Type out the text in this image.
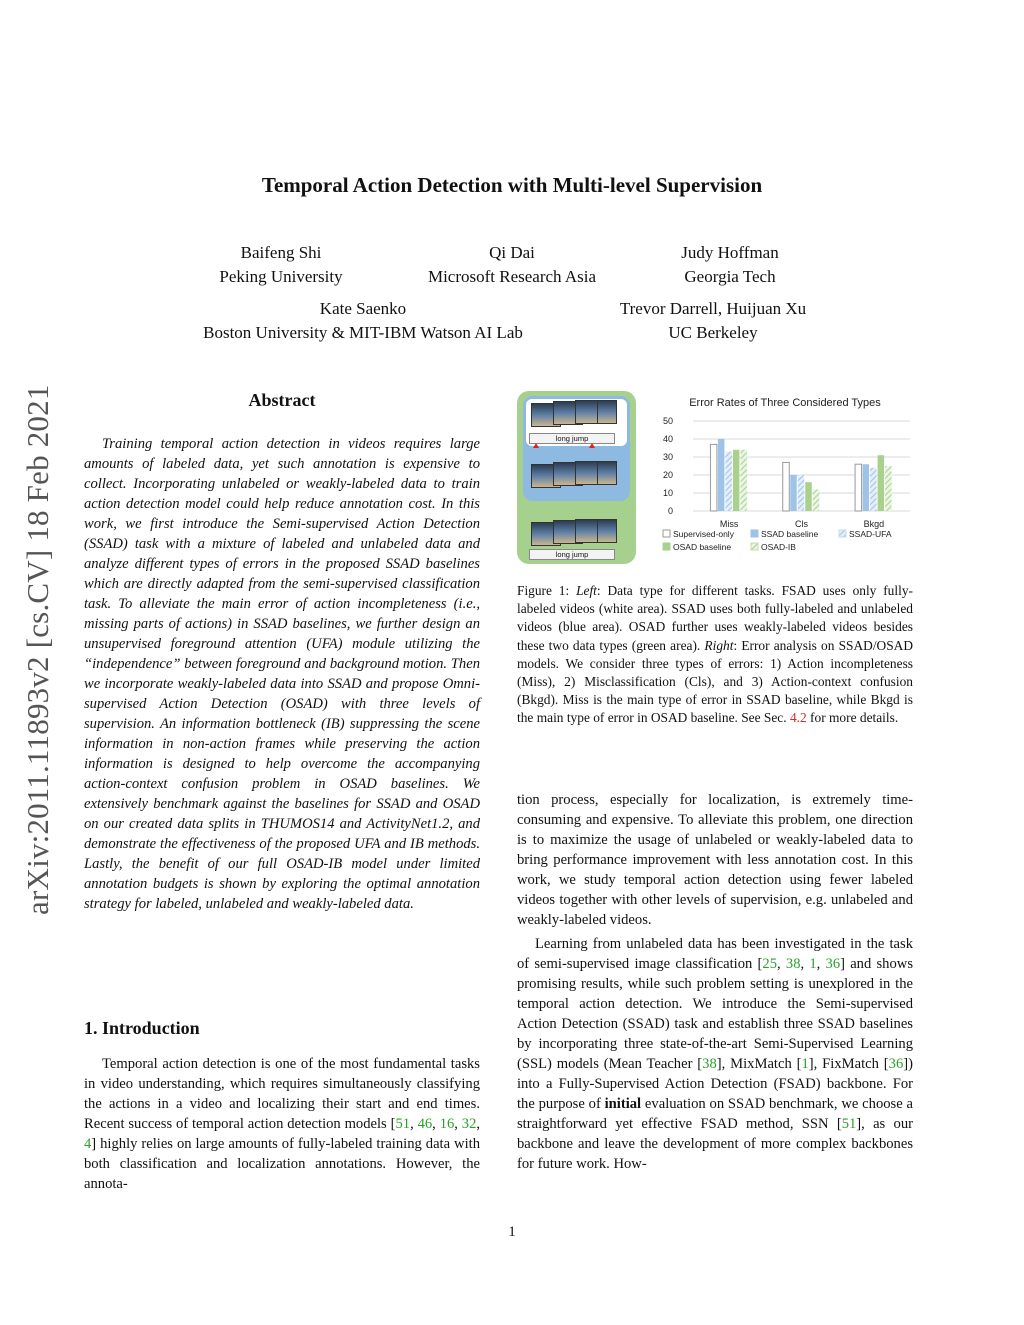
arXiv:2011.11893v2 [cs.CV] 18 Feb 2021
Temporal Action Detection with Multi-level Supervision
Baifeng Shi
Peking University
Qi Dai
Microsoft Research Asia
Judy Hoffman
Georgia Tech
Kate Saenko
Boston University & MIT-IBM Watson AI Lab
Trevor Darrell, Huijuan Xu
UC Berkeley
Abstract

Training temporal action detection in videos requires large amounts of labeled data, yet such annotation is expensive to collect. Incorporating unlabeled or weakly-labeled data to train action detection model could help reduce annotation cost. In this work, we first introduce the Semi-supervised Action Detection (SSAD) task with a mixture of labeled and unlabeled data and analyze different types of errors in the proposed SSAD baselines which are directly adapted from the semi-supervised classification task. To alleviate the main error of action incompleteness (i.e., missing parts of actions) in SSAD baselines, we further design an unsupervised foreground attention (UFA) module utilizing the “independence” between foreground and background motion. Then we incorporate weakly-labeled data into SSAD and propose Omni-supervised Action Detection (OSAD) with three levels of supervision. An information bottleneck (IB) suppressing the scene information in non-action frames while preserving the action information is designed to help overcome the accompanying action-context confusion problem in OSAD baselines. We extensively benchmark against the baselines for SSAD and OSAD on our created data splits in THUMOS14 and ActivityNet1.2, and demonstrate the effectiveness of the proposed UFA and IB methods. Lastly, the benefit of our full OSAD-IB model under limited annotation budgets is shown by exploring the optimal annotation strategy for labeled, unlabeled and weakly-labeled data.

1. Introduction

Temporal action detection is one of the most fundamental tasks in video understanding, which requires simultaneously classifying the actions in a video and localizing their start and end times. Recent success of temporal action detection models [51, 46, 16, 32, 4] highly relies on large amounts of fully-labeled training data with both classification and localization annotations. However, the annota-

long jump
long jump
Error Rates of Three Considered Types
0
10
20
30
40
50
Miss	Cls	Bkgd
Supervised-only	SSAD baseline	SSAD-UFA
OSAD baseline	OSAD-IB

Figure 1: Left: Data type for different tasks. FSAD uses only fully-labeled videos (white area). SSAD uses both fully-labeled and unlabeled videos (blue area). OSAD further uses weakly-labeled videos besides these two data types (green area). Right: Error analysis on SSAD/OSAD models. We consider three types of errors: 1) Action incompleteness (Miss), 2) Misclassification (Cls), and 3) Action-context confusion (Bkgd). Miss is the main type of error in SSAD baseline, while Bkgd is the main type of error in OSAD baseline. See Sec. 4.2 for more details.

tion process, especially for localization, is extremely time-consuming and expensive. To alleviate this problem, one direction is to maximize the usage of unlabeled or weakly-labeled data to bring performance improvement with less annotation cost. In this work, we study temporal action detection using fewer labeled videos together with other levels of supervision, e.g. unlabeled and weakly-labeled videos.

Learning from unlabeled data has been investigated in the task of semi-supervised image classification [25, 38, 1, 36] and shows promising results, while such problem setting is unexplored in the temporal action detection. We introduce the Semi-supervised Action Detection (SSAD) task and establish three SSAD baselines by incorporating three state-of-the-art Semi-Supervised Learning (SSL) models (Mean Teacher [38], MixMatch [1], FixMatch [36]) into a Fully-Supervised Action Detection (FSAD) backbone. For the purpose of initial evaluation on SSAD benchmark, we choose a straightforward yet effective FSAD method, SSN [51], as our backbone and leave the development of more complex backbones for future work. How-

1
